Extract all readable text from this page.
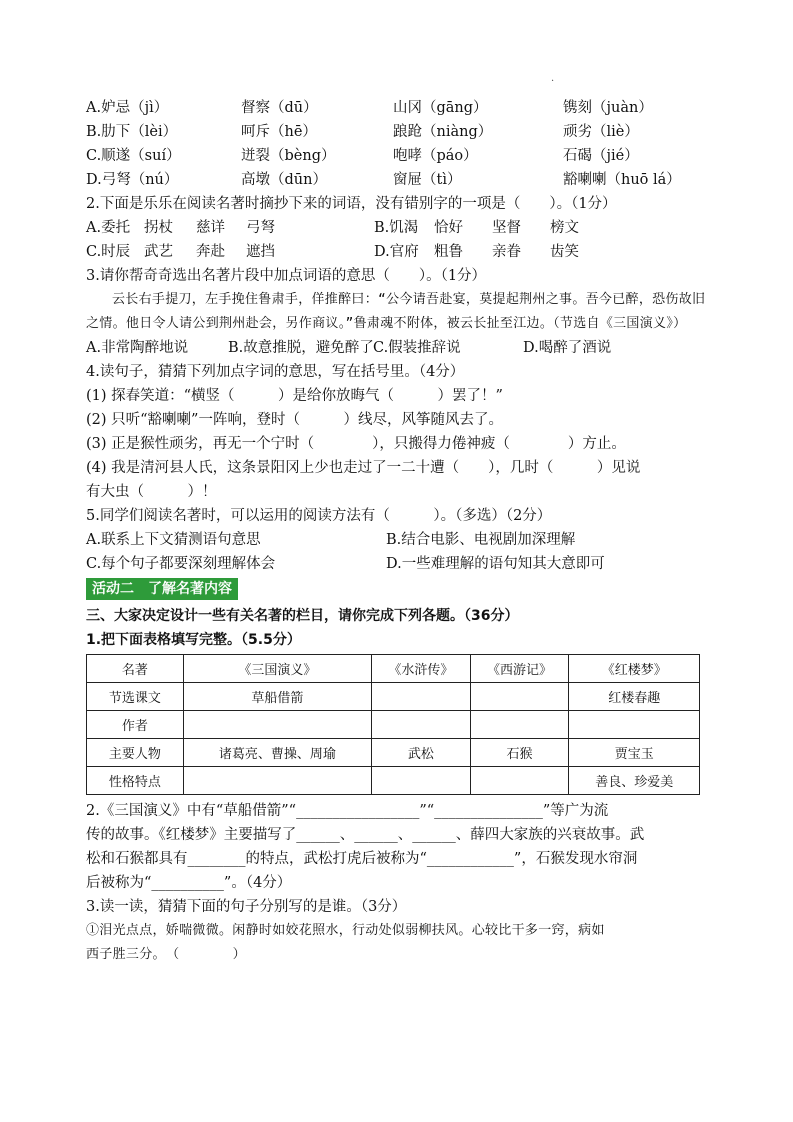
·
A.妒忌（jì）	督察（dū）	山冈（gāng）	镌刻（juàn）
B.肋下（lèi）	呵斥（hē）	踉跄（niàng）	顽劣（liè）
C.顺遂（suí）	迸裂（bèng）	咆哮（páo）	石碣（jié）
D.弓弩（nú）	高墩（dūn）	窗屉（tì）	豁喇喇（huō lá）
2.下面是乐乐在阅读名著时摘抄下来的词语，没有错别字的一项是（　　）。（1分）
A.委托 拐杖	慈详	弓弩	B.饥渴	恰好	坚督	榜文
C.时辰 武艺	奔赴	遮挡	D.官府	粗鲁	亲眷	齿笑
3.请你帮奇奇选出名著片段中加点词语的意思（　　）。（1分）
云长右手提刀，左手挽住鲁肃手，佯推醉曰：“公今请吾赴宴，莫提起荆州之事。吾今已醉，恐伤故旧之情。他日令人请公到荆州赴会，另作商议。”鲁肃魂不附体，被云长扯至江边。（节选自《三国演义》）
A.非常陶醉地说	B.故意推脱，避免醉了 C.假装推辞说	D.喝醉了酒说
4.读句子，猜猜下列加点字词的意思，写在括号里。（4分）
(1) 探春笑道：“横竖（　　　）是给你放晦气（　　　）罢了！”
(2) 只听“豁喇喇”一阵响，登时（　　　）线尽，风筝随风去了。
(3) 正是猴性顽劣，再无一个宁时（　　　　），只搬得力倦神疲（　　　　）方止。
(4) 我是清河县人氏，这条景阳冈上少也走过了一二十遭（　　），几时（　　　）见说
有大虫（　　　）！
5.同学们阅读名著时，可以运用的阅读方法有（　　　）。（多选）（2分）
A.联系上下文猜测语句意思	B.结合电影、电视剧加深理解
C.每个句子都要深刻理解体会	D.一些难理解的语句知其大意即可
活动二　了解名著内容
三、大家决定设计一些有关名著的栏目，请你完成下列各题。（36分）
1.把下面表格填写完整。（5.5分）
名著	《三国演义》	《水浒传》	《西游记》	《红楼梦》
节选课文	草船借箭			红楼春趣
作者				
主要人物	诸葛亮、曹操、周瑜	武松	石猴	贾宝玉
性格特点				善良、珍爱美
2.《三国演义》中有“草船借箭”“_________________”“_______________”等广为流
传的故事。《红楼梦》主要描写了______、______、______、薛四大家族的兴衰故事。武
松和石猴都具有________的特点，武松打虎后被称为“____________”，石猴发现水帘洞
后被称为“__________”。（4分）
3.读一读，猜猜下面的句子分别写的是谁。（3分）
①泪光点点，娇喘微微。闲静时如姣花照水，行动处似弱柳扶风。心较比干多一窍，病如
西子胜三分。　（　　　　）
